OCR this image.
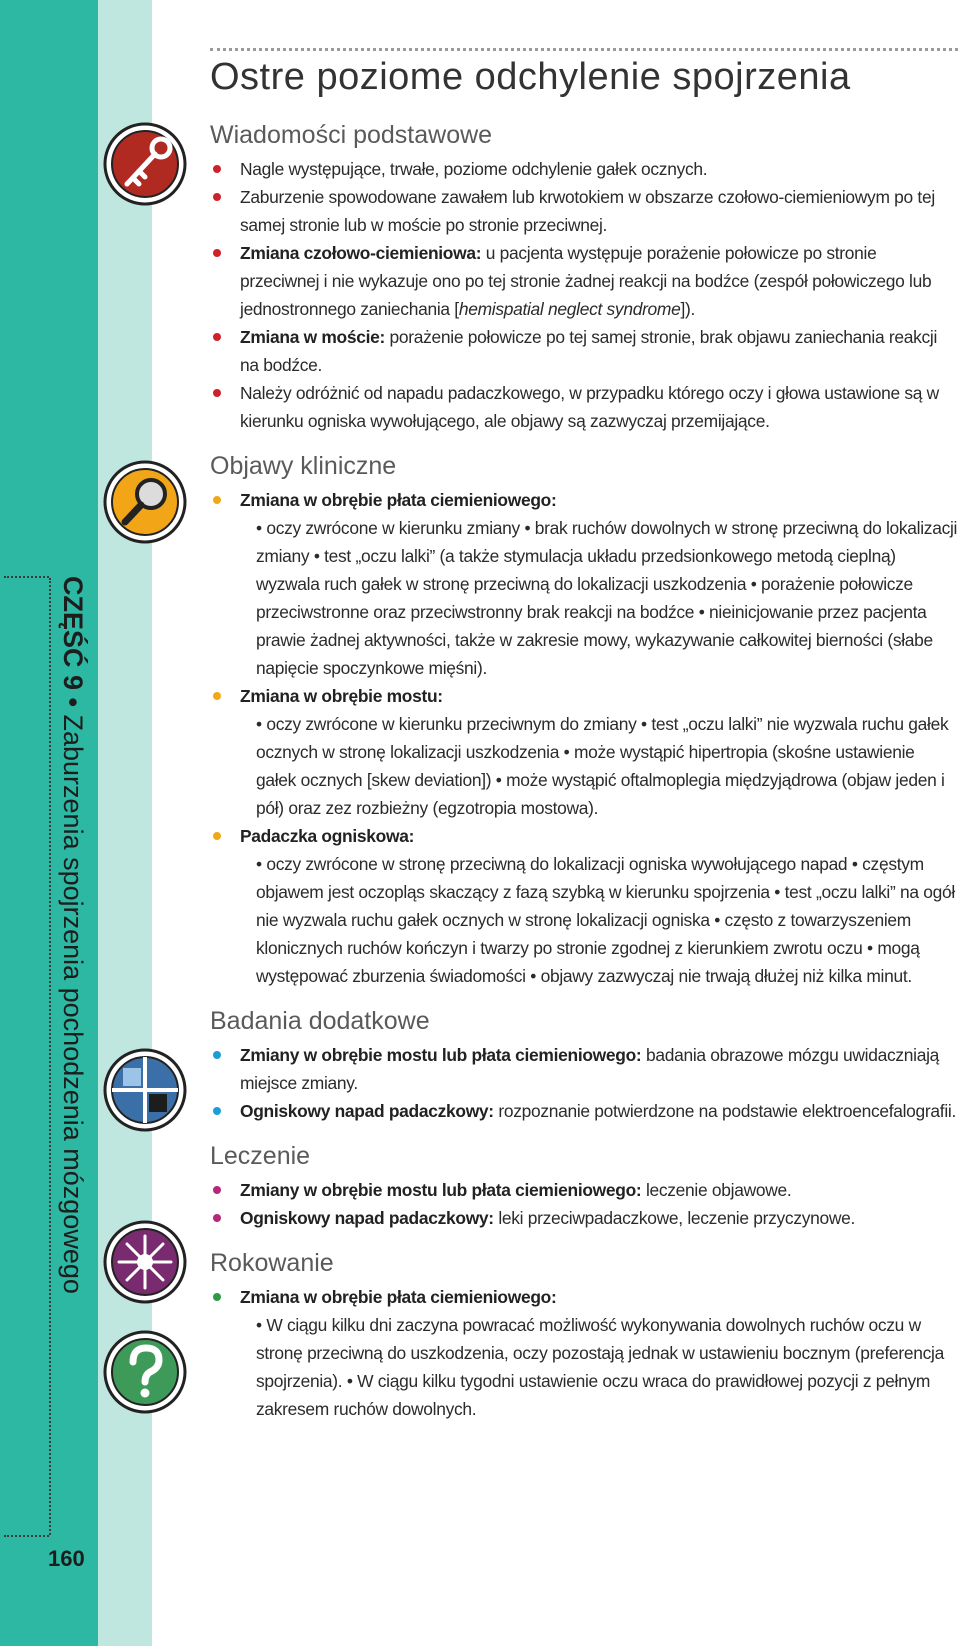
CZĘŚĆ 9 • Zaburzenia spojrzenia pochodzenia mózgowego
160
Ostre poziome odchylenie spojrzenia
Wiadomości podstawowe
Nagle występujące, trwałe, poziome odchylenie gałek ocznych.
Zaburzenie spowodowane zawałem lub krwotokiem w obszarze czołowo-ciemieniowym po tej samej stronie lub w moście po stronie przeciwnej.
Zmiana czołowo-ciemieniowa: u pacjenta występuje porażenie połowicze po stronie przeciwnej i nie wykazuje ono po tej stronie żadnej reakcji na bodźce (zespół połowiczego lub jednostronnego zaniechania [hemispatial neglect syndrome]).
Zmiana w moście: porażenie połowicze po tej samej stronie, brak objawu zaniechania reakcji na bodźce.
Należy odróżnić od napadu padaczkowego, w przypadku którego oczy i głowa ustawione są w kierunku ogniska wywołującego, ale objawy są zazwyczaj przemijające.
Objawy kliniczne
Zmiana w obrębie płata ciemieniowego:
• oczy zwrócone w kierunku zmiany • brak ruchów dowolnych w stronę przeciwną do lokalizacji zmiany • test „oczu lalki” (a także stymulacja układu przedsionkowego metodą cieplną) wyzwala ruch gałek w stronę przeciwną do lokalizacji uszkodzenia • porażenie połowicze przeciwstronne oraz przeciwstronny brak reakcji na bodźce • nieinicjowanie przez pacjenta prawie żadnej aktywności, także w zakresie mowy, wykazywanie całkowitej bierności (słabe napięcie spoczynkowe mięśni).
Zmiana w obrębie mostu:
• oczy zwrócone w kierunku przeciwnym do zmiany • test „oczu lalki” nie wyzwala ruchu gałek ocznych w stronę lokalizacji uszkodzenia • może wystąpić hipertropia (skośne ustawienie gałek ocznych [skew deviation]) • może wystąpić oftalmoplegia międzyjądrowa (objaw jeden i pół) oraz zez rozbieżny (egzotropia mostowa).
Padaczka ogniskowa:
• oczy zwrócone w stronę przeciwną do lokalizacji ogniska wywołującego napad • częstym objawem jest oczopląs skaczący z fazą szybką w kierunku spojrzenia • test „oczu lalki” na ogół nie wyzwala ruchu gałek ocznych w stronę lokalizacji ogniska • często z towarzyszeniem klonicznych ruchów kończyn i twarzy po stronie zgodnej z kierunkiem zwrotu oczu • mogą występować zburzenia świadomości • objawy zazwyczaj nie trwają dłużej niż kilka minut.
Badania dodatkowe
Zmiany w obrębie mostu lub płata ciemieniowego: badania obrazowe mózgu uwidaczniają miejsce zmiany.
Ogniskowy napad padaczkowy: rozpoznanie potwierdzone na podstawie elektroencefalografii.
Leczenie
Zmiany w obrębie mostu lub płata ciemieniowego: leczenie objawowe.
Ogniskowy napad padaczkowy: leki przeciwpadaczkowe, leczenie przyczynowe.
Rokowanie
Zmiana w obrębie płata ciemieniowego:
• W ciągu kilku dni zaczyna powracać możliwość wykonywania dowolnych ruchów oczu w stronę przeciwną do uszkodzenia, oczy pozostają jednak w ustawieniu bocznym (preferencja spojrzenia). • W ciągu kilku tygodni ustawienie oczu wraca do prawidłowej pozycji z pełnym zakresem ruchów dowolnych.
